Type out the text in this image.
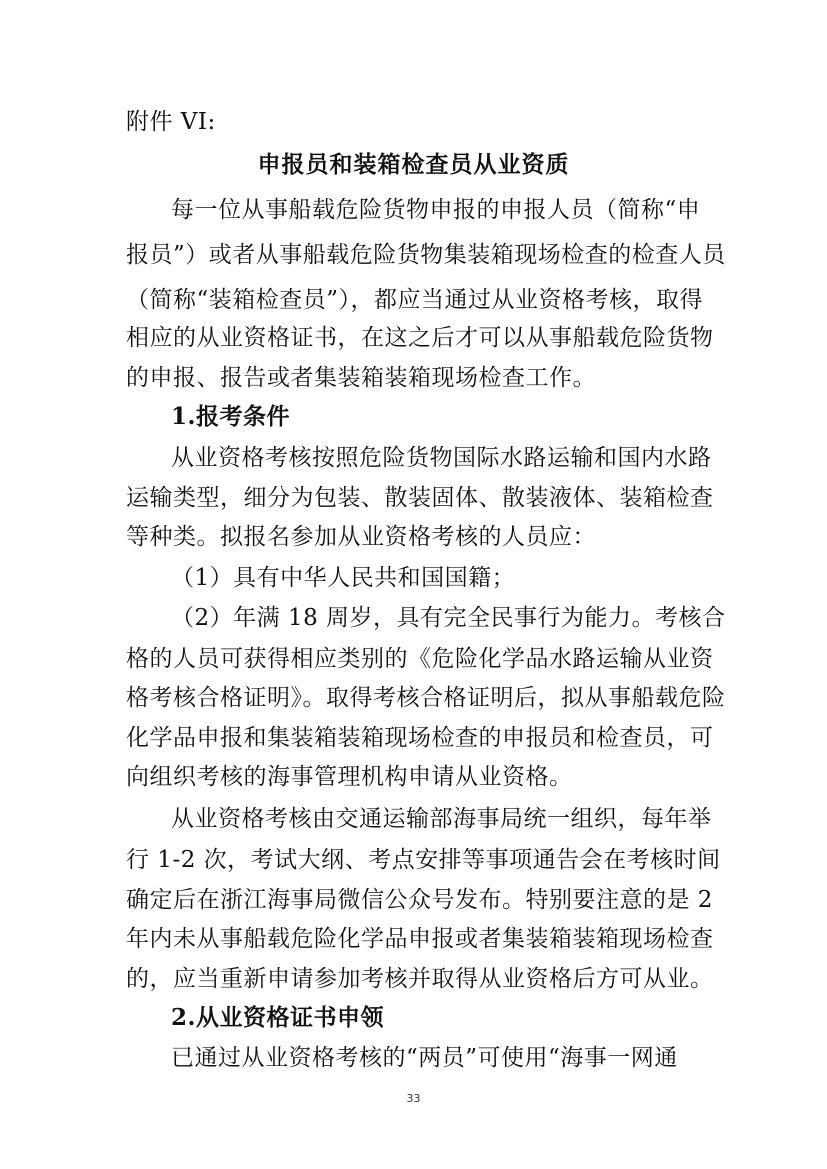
附件 VI:

申报员和装箱检查员从业资质

每一位从事船载危险货物申报的申报人员（简称“申

报员”）或者从事船载危险货物集装箱现场检查的检查人员

（简称“装箱检查员”），都应当通过从业资格考核，取得

相应的从业资格证书，在这之后才可以从事船载危险货物

的申报、报告或者集装箱装箱现场检查工作。

1.报考条件

从业资格考核按照危险货物国际水路运输和国内水路

运输类型，细分为包装、散装固体、散装液体、装箱检查

等种类。拟报名参加从业资格考核的人员应：

（1）具有中华人民共和国国籍；

（2）年满 18 周岁，具有完全民事行为能力。考核合

格的人员可获得相应类别的《危险化学品水路运输从业资

格考核合格证明》。取得考核合格证明后，拟从事船载危险

化学品申报和集装箱装箱现场检查的申报员和检查员，可

向组织考核的海事管理机构申请从业资格。

从业资格考核由交通运输部海事局统一组织，每年举

行 1-2 次，考试大纲、考点安排等事项通告会在考核时间

确定后在浙江海事局微信公众号发布。特别要注意的是 2

年内未从事船载危险化学品申报或者集装箱装箱现场检查

的，应当重新申请参加考核并取得从业资格后方可从业。

2.从业资格证书申领

已通过从业资格考核的“两员”可使用“海事一网通

33
